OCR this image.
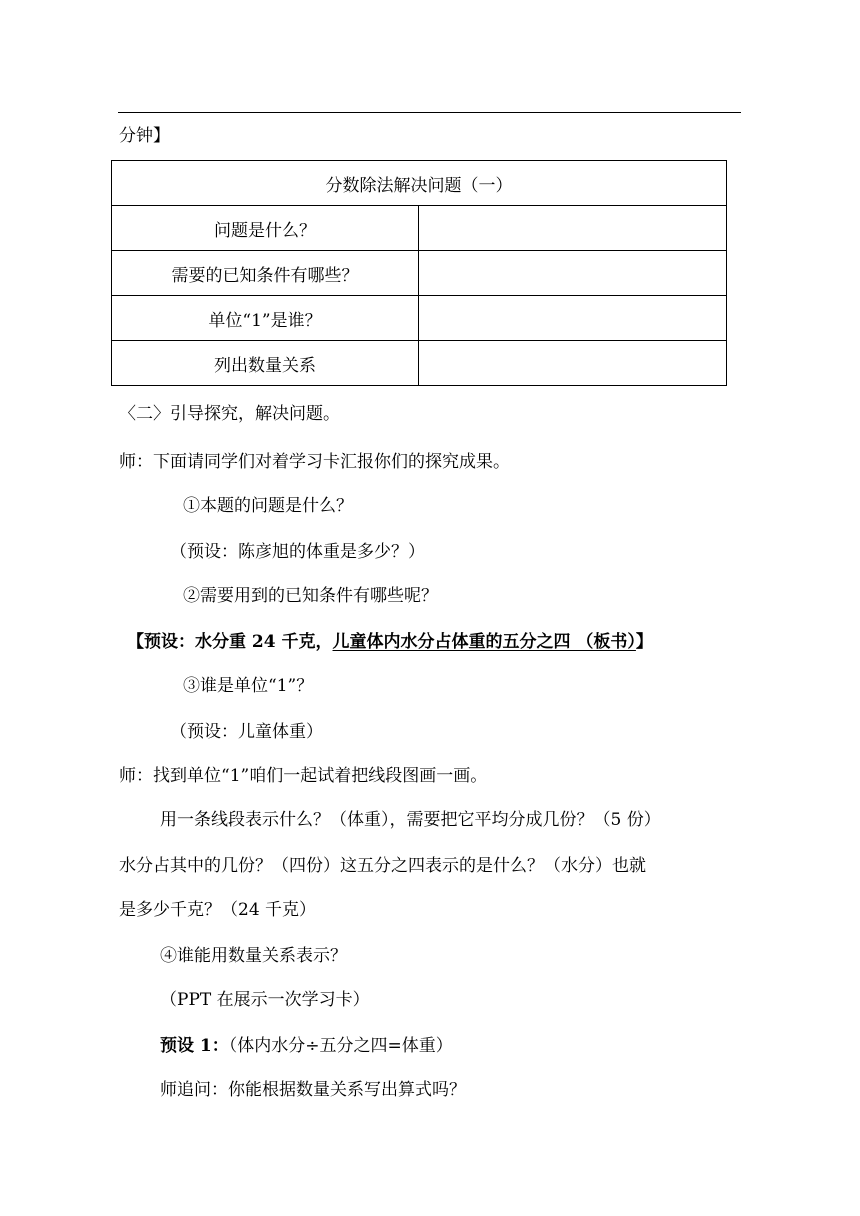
分钟】
分数除法解决问题（一）	
问题是什么？	
需要的已知条件有哪些？	
单位“1”是谁？	
列出数量关系	
〈二〉引导探究，解决问题。
师：下面请同学们对着学习卡汇报你们的探究成果。
①本题的问题是什么？
（预设：陈彦旭的体重是多少？）
②需要用到的已知条件有哪些呢？
【预设：水分重 24 千克，儿童体内水分占体重的五分之四 （板书）】
③谁是单位“1”？
（预设：儿童体重）
师：找到单位“1”咱们一起试着把线段图画一画。
用一条线段表示什么？（体重），需要把它平均分成几份？（5 份）
水分占其中的几份？（四份）这五分之四表示的是什么？（水分）也就
是多少千克？（24 千克）
④谁能用数量关系表示？
（PPT 在展示一次学习卡）
预设 1：（体内水分÷五分之四=体重）
师追问：你能根据数量关系写出算式吗？
